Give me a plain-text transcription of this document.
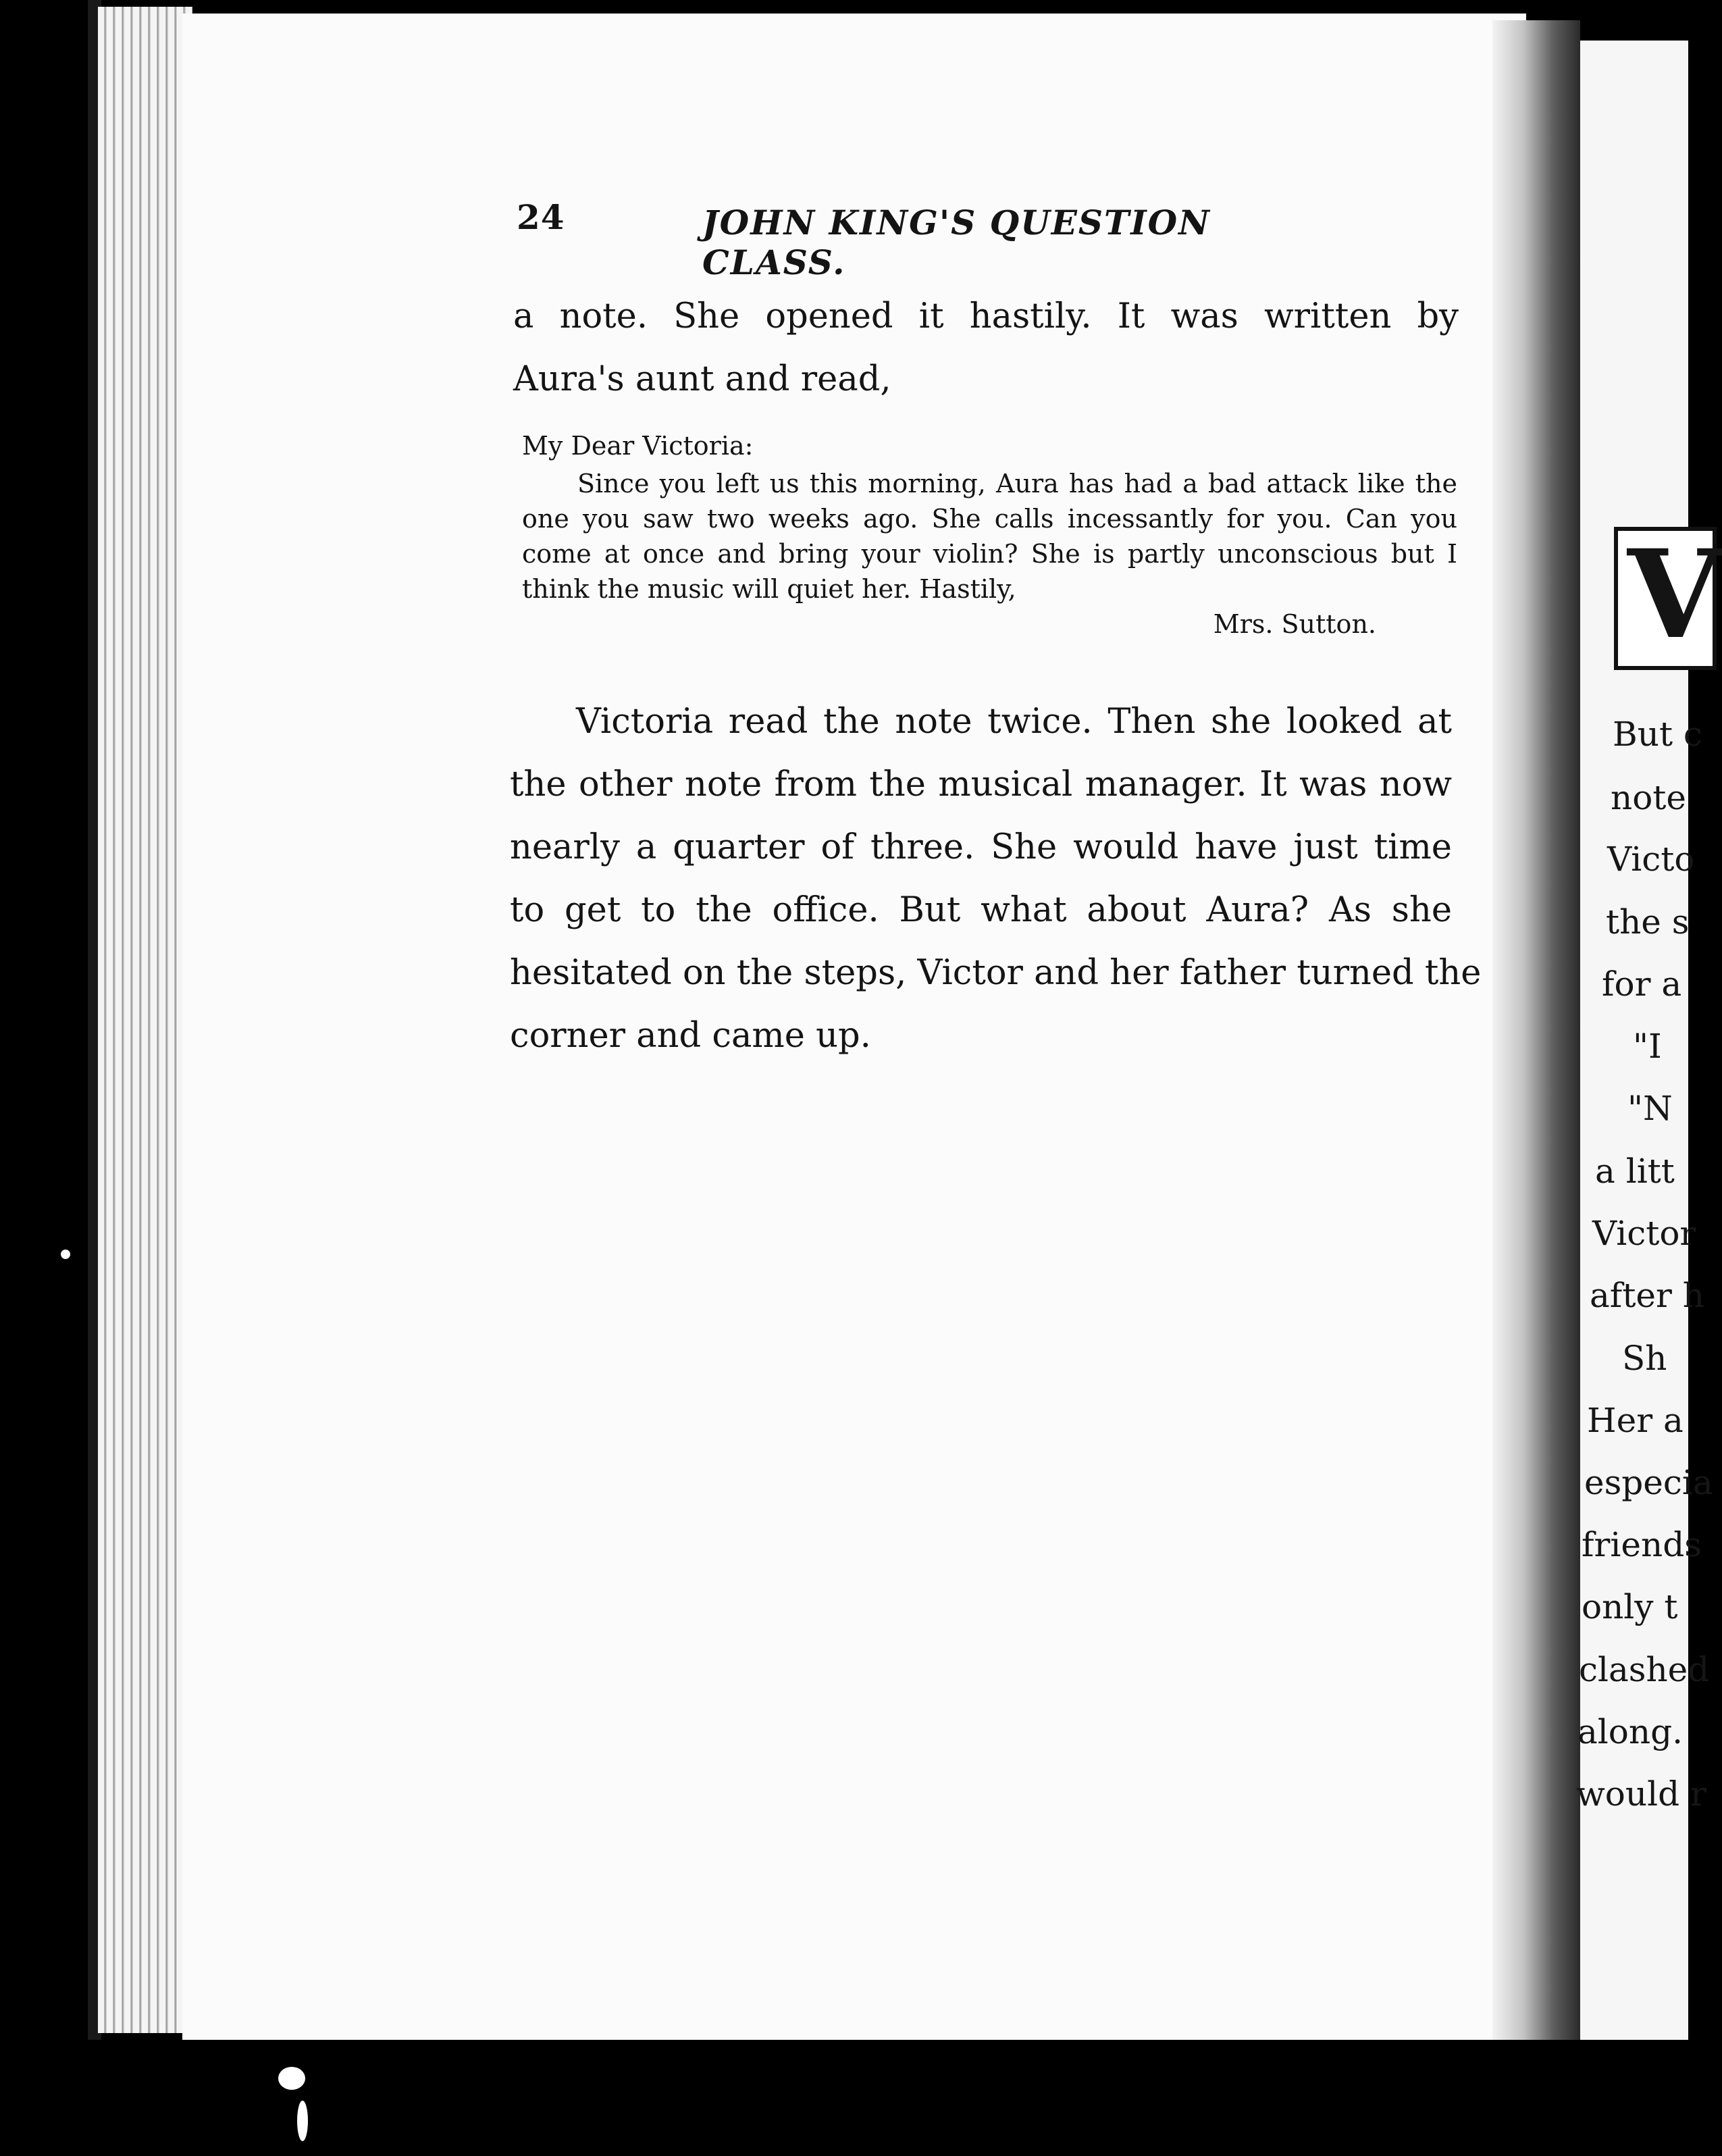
24	JOHN KING'S QUESTION CLASS.
a note. She opened it hastily. It was written by
Aura's aunt and read,
My Dear Victoria:
Since you left us this morning, Aura has had a bad attack like the one you saw two weeks ago. She calls incessantly for you. Can you come at once and bring your violin? She is partly unconscious but I think the music will quiet her. Hastily,
Mrs. Sutton.
Victoria read the note twice. Then she looked at
the other note from the musical manager. It was now
nearly a quarter of three. She would have just time
to get to the office. But what about Aura? As she
hesitated on the steps, Victor and her father turned the
corner and came up.
V
But c
note
Victo
the s
for a
"I
"N
a litt
Victor
after h
Sh
Her a
especia
friends
only t
clashed
along.
would r
